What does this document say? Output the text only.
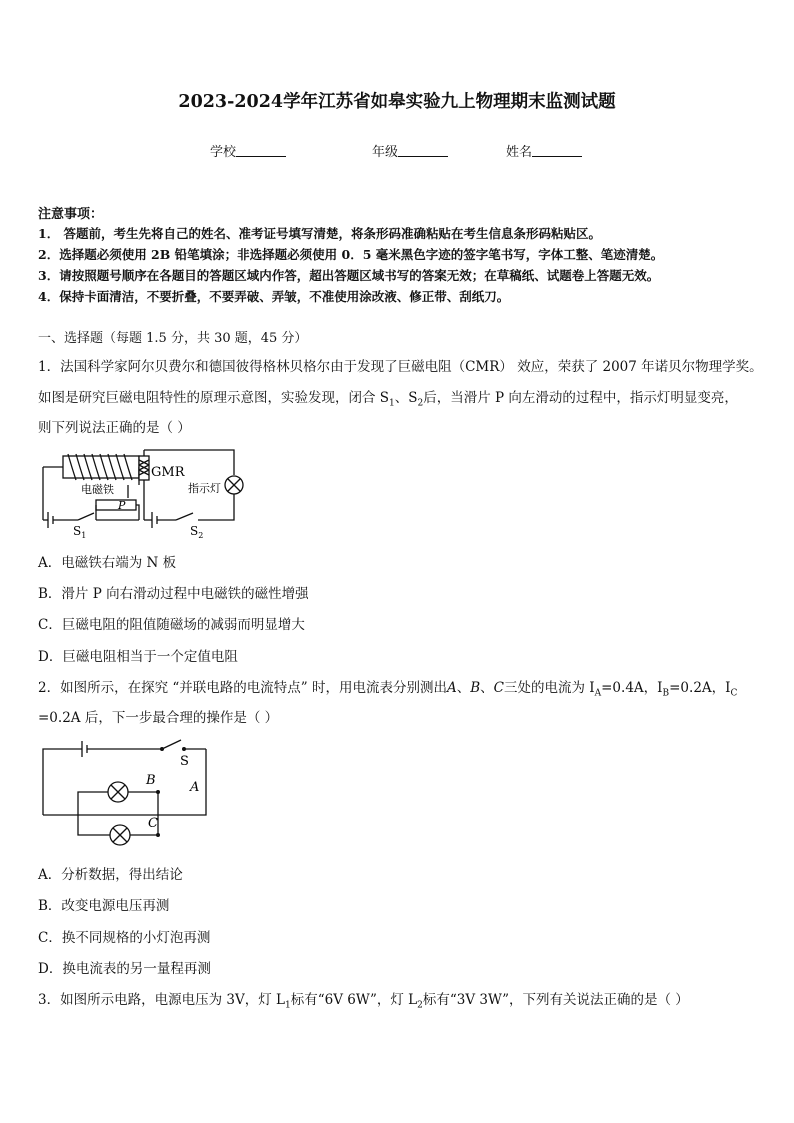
2023-2024学年江苏省如皋实验九上物理期末监测试题
学校	年级	姓名
注意事项：
1． 答题前，考生先将自己的姓名、准考证号填写清楚，将条形码准确粘贴在考生信息条形码粘贴区。
2．选择题必须使用 2B 铅笔填涂；非选择题必须使用 0．5 毫米黑色字迹的签字笔书写，字体工整、笔迹清楚。
3．请按照题号顺序在各题目的答题区域内作答，超出答题区域书写的答案无效；在草稿纸、试题卷上答题无效。
4．保持卡面清洁，不要折叠，不要弄破、弄皱，不准使用涂改液、修正带、刮纸刀。
一、选择题（每题 1.5 分，共 30 题，45 分）
1．法国科学家阿尔贝费尔和德国彼得格林贝格尔由于发现了巨磁电阻（CMR） 效应，荣获了 2007 年诺贝尔物理学奖。
如图是研究巨磁电阻特性的原理示意图，实验发现，闭合 $S_1$、$S_2$后，当滑片 P 向左滑动的过程中，指示灯明显变亮，
则下列说法正确的是（ ）
GMR
电磁铁
P
指示灯
$S_1$	$S_2$
A．电磁铁右端为 N 板
B．滑片 P 向右滑动过程中电磁铁的磁性增强
C．巨磁电阻的阻值随磁场的减弱而明显增大
D．巨磁电阻相当于一个定值电阻
2．如图所示，在探究 “并联电路的电流特点” 时，用电流表分别测出A、B、C三处的电流为 $I_A=0.4A$，$I_B=0.2A$，$I_C$
=0.2A 后，下一步最合理的操作是（ ）
S
A
B
C
A．分析数据，得出结论
B．改变电源电压再测
C．换不同规格的小灯泡再测
D．换电流表的另一量程再测
3．如图所示电路，电源电压为 3V，灯 $L_1$标有“6V 6W”，灯 $L_2$标有“3V 3W”，下列有关说法正确的是（ ）
